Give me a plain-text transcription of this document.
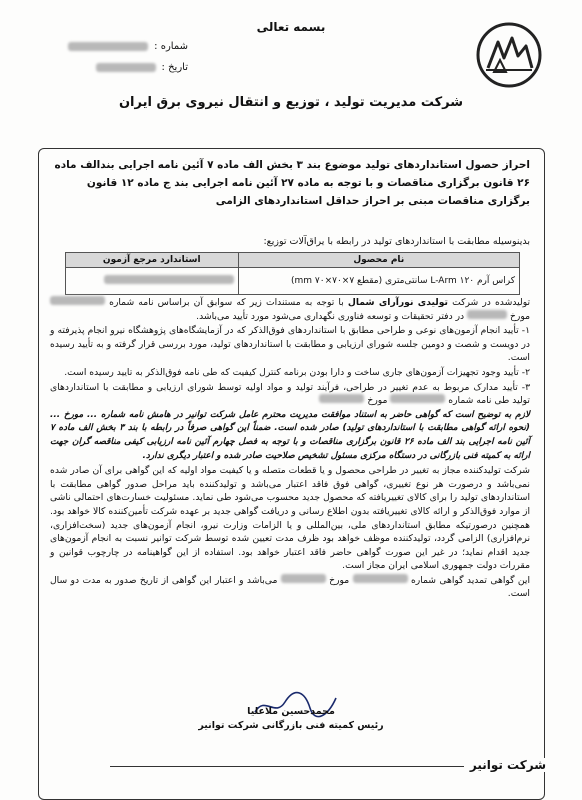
بسمه تعالی
شماره :
تاریخ :
شرکت مدیریت تولید ، توزیع و انتقال نیروی برق ایران
احراز حصول استانداردهای تولید موضوع بند ۳ بخش الف ماده ۷ آئین نامه اجرایی بندالف ماده ۲۶ قانون برگزاری مناقصات و با توجه به ماده ۲۷ آئین نامه اجرایی بند ج ماده ۱۲ قانون برگزاری مناقصات مبنی بر احراز حداقل استانداردهای الزامی
بدینوسیله مطابقت با استانداردهای تولید در رابطه با یراق‌آلات توزیع:
نام محصول	استاندارد مرجع آزمون
کراس آرم L-Arm ۱۲۰ سانتی‌متری (مقطع mm ۷۰×۷۰×۷)	

تولیدشده در شرکت تولیدی نورآرای شمال با توجه به مستندات زیر که سوابق آن براساس نامه شماره  مورخ  در دفتر تحقیقات و توسعه فناوری نگهداری می‌شود مورد تأیید می‌باشد.

۱- تأیید انجام آزمون‌های نوعی و طراحی مطابق با استانداردهای فوق‌الذکر که در آزمایشگاه‌های پژوهشگاه نیرو انجام پذیرفته و در دویست و شصت و دومین جلسه شورای ارزیابی و مطابقت با استانداردهای تولید، مورد بررسی قرار گرفته و به تأیید رسیده است.

۲- تأیید وجود تجهیزات آزمون‌های جاری ساخت و دارا بودن برنامه کنترل کیفیت که طی نامه فوق‌الذکر به تایید رسیده است.

۳- تأیید مدارک مربوط به عدم تغییر در طراحی، فرآیند تولید و مواد اولیه توسط شورای ارزیابی و مطابقت با استانداردهای تولید طی نامه شماره  مورخ

لازم به توضیح است که گواهی حاضر به استناد موافقت مدیریت محترم عامل شرکت توانیر در هامش نامه شماره ... مورخ ... (نحوه ارائه گواهی مطابقت با استانداردهای تولید) صادر شده است. ضمناً این گواهی صرفاً در رابطه با بند ۳ بخش الف ماده ۷ آئین نامه اجرایی بند الف ماده ۲۶ قانون برگزاری مناقصات و با توجه به فصل چهارم آئین نامه ارزیابی کیفی مناقصه گران جهت ارائه به کمیته فنی بازرگانی در دستگاه مرکزی مسئول تشخیص صلاحیت صادر شده و اعتبار دیگری ندارد.

شرکت تولیدکننده مجاز به تغییر در طراحی محصول و یا قطعات متصله و یا کیفیت مواد اولیه که این گواهی برای آن صادر شده نمی‌باشد و درصورت هر نوع تغییری، گواهی فوق فاقد اعتبار می‌باشد و تولیدکننده باید مراحل صدور گواهی مطابقت با استانداردهای تولید را برای کالای تغییریافته که محصول جدید محسوب می‌شود طی نماید. مسئولیت خسارت‌های احتمالی ناشی از موارد فوق‌الذکر و ارائه کالای تغییریافته بدون اطلاع رسانی و دریافت گواهی جدید بر عهده شرکت تأمین‌کننده کالا خواهد بود. همچنین درصورتیکه مطابق استانداردهای ملی، بین‌المللی و یا الزامات وزارت نیرو، انجام آزمون‌های جدید (سخت‌افزاری، نرم‌افزاری) الزامی گردد، تولیدکننده موظف خواهد بود ظرف مدت تعیین شده توسط شرکت توانیر نسبت به انجام آزمون‌های جدید اقدام نماید؛ در غیر این صورت گواهی حاضر فاقد اعتبار خواهد بود. استفاده از این گواهینامه در چارچوب قوانین و مقررات دولت جمهوری اسلامی ایران مجاز است.

این گواهی تمدید گواهی شماره  مورخ  می‌باشد و اعتبار این گواهی از تاریخ صدور به مدت دو سال است.

محمدحسین ملاعلیا
رئیس کمیته فنی بازرگانی شرکت توانیر
شرکت توانیر
